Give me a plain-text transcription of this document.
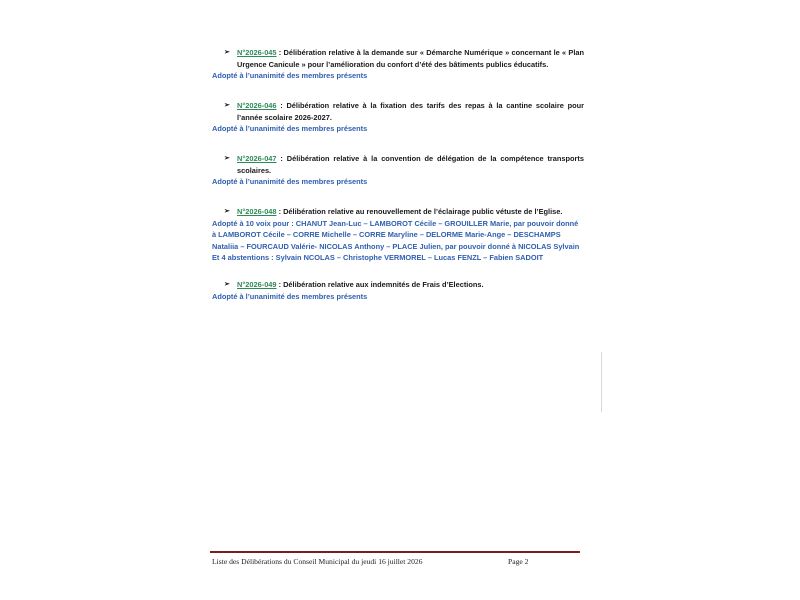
➢ N°2026-045 : Délibération relative à la demande sur « Démarche Numérique » concernant le « Plan Urgence Canicule » pour l’amélioration du confort d’été des bâtiments publics éducatifs.
Adopté à l’unanimité des membres présents
➢ N°2026-046 : Délibération relative à la fixation des tarifs des repas à la cantine scolaire pour l’année scolaire 2026-2027.
Adopté à l’unanimité des membres présents
➢ N°2026-047 : Délibération relative à la convention de délégation de la compétence transports scolaires.
Adopté à l’unanimité des membres présents
➢ N°2026-048 : Délibération relative au renouvellement de l’éclairage public vétuste de l’Eglise.
Adopté à 10 voix pour : CHANUT Jean-Luc – LAMBOROT Cécile – GROUILLER Marie, par pouvoir donné à LAMBOROT Cécile – CORRE Michelle – CORRE Maryline – DELORME Marie-Ange – DESCHAMPS Nataliia – FOURCAUD Valérie- NICOLAS Anthony – PLACE Julien, par pouvoir donné à NICOLAS Sylvain
Et 4 abstentions : Sylvain NCOLAS – Christophe VERMOREL – Lucas FENZL – Fabien SADOIT
➢ N°2026-049 : Délibération relative aux indemnités de Frais d’Elections.
Adopté à l’unanimité des membres présents
Liste des Délibérations du Conseil Municipal du jeudi 16 juillet 2026	Page 2
